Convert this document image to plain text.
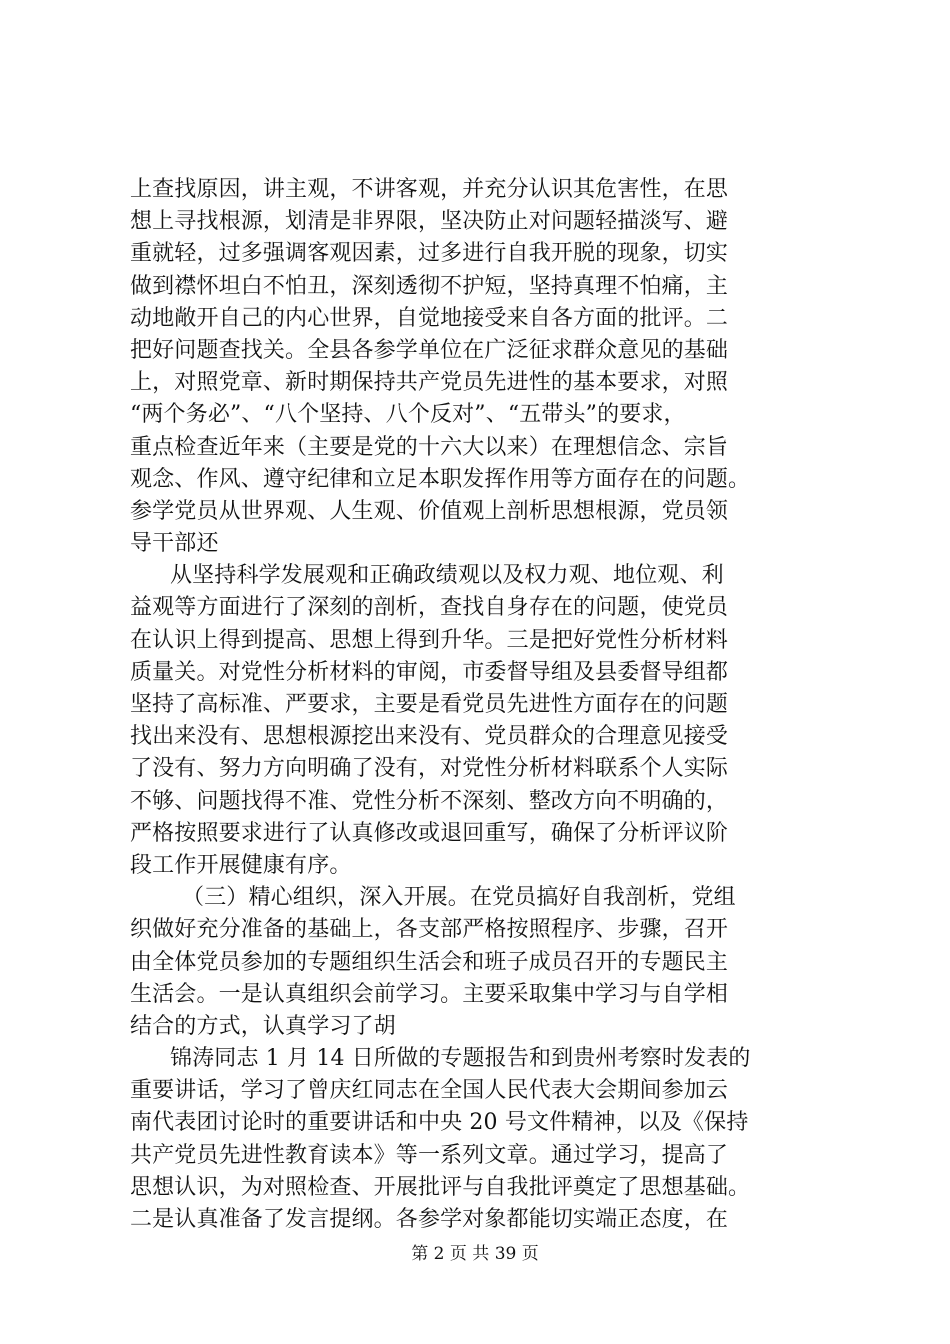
上查找原因，讲主观，不讲客观，并充分认识其危害性，在思
想上寻找根源，划清是非界限，坚决防止对问题轻描淡写、避
重就轻，过多强调客观因素，过多进行自我开脱的现象，切实
做到襟怀坦白不怕丑，深刻透彻不护短，坚持真理不怕痛，主
动地敞开自己的内心世界，自觉地接受来自各方面的批评。二
把好问题查找关。全县各参学单位在广泛征求群众意见的基础
上，对照党章、新时期保持共产党员先进性的基本要求，对照
“两个务必”、“八个坚持、八个反对”、“五带头”的要求，
重点检查近年来（主要是党的十六大以来）在理想信念、宗旨
观念、作风、遵守纪律和立足本职发挥作用等方面存在的问题。
参学党员从世界观、人生观、价值观上剖析思想根源，党员领
导干部还
从坚持科学发展观和正确政绩观以及权力观、地位观、利
益观等方面进行了深刻的剖析，查找自身存在的问题，使党员
在认识上得到提高、思想上得到升华。三是把好党性分析材料
质量关。对党性分析材料的审阅，市委督导组及县委督导组都
坚持了高标准、严要求，主要是看党员先进性方面存在的问题
找出来没有、思想根源挖出来没有、党员群众的合理意见接受
了没有、努力方向明确了没有，对党性分析材料联系个人实际
不够、问题找得不准、党性分析不深刻、整改方向不明确的，
严格按照要求进行了认真修改或退回重写，确保了分析评议阶
段工作开展健康有序。
（三）精心组织，深入开展。在党员搞好自我剖析，党组
织做好充分准备的基础上，各支部严格按照程序、步骤，召开
由全体党员参加的专题组织生活会和班子成员召开的专题民主
生活会。一是认真组织会前学习。主要采取集中学习与自学相
结合的方式，认真学习了胡
锦涛同志 1 月 14 日所做的专题报告和到贵州考察时发表的
重要讲话，学习了曾庆红同志在全国人民代表大会期间参加云
南代表团讨论时的重要讲话和中央 20 号文件精神，以及《保持
共产党员先进性教育读本》等一系列文章。通过学习，提高了
思想认识，为对照检查、开展批评与自我批评奠定了思想基础。
二是认真准备了发言提纲。各参学对象都能切实端正态度，在
第 2 页 共 39 页
